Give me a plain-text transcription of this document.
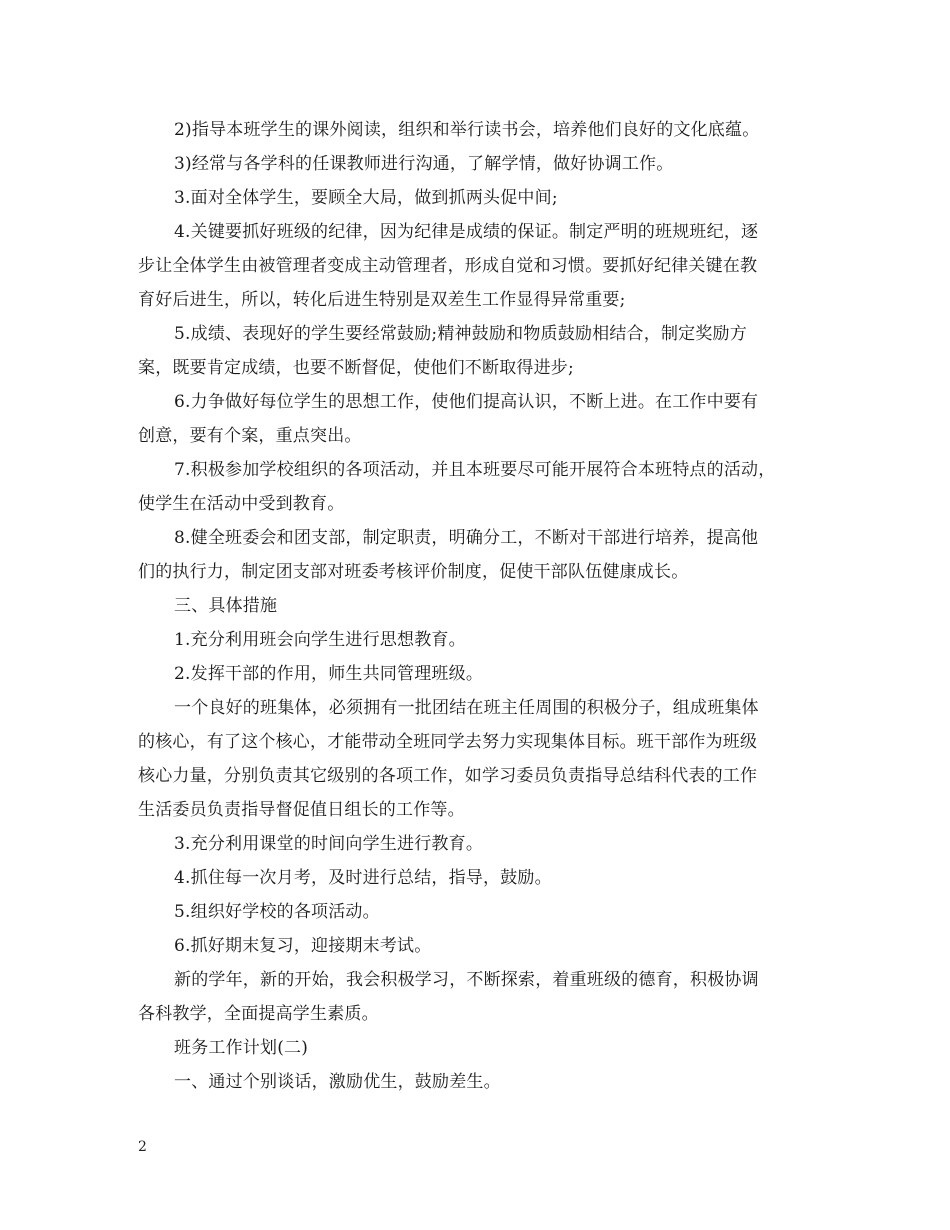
2)指导本班学生的课外阅读，组织和举行读书会，培养他们良好的文化底蕴。

3)经常与各学科的任课教师进行沟通，了解学情，做好协调工作。

3.面对全体学生，要顾全大局，做到抓两头促中间;

4.关键要抓好班级的纪律，因为纪律是成绩的保证。制定严明的班规班纪，逐

步让全体学生由被管理者变成主动管理者，形成自觉和习惯。要抓好纪律关键在教

育好后进生，所以，转化后进生特别是双差生工作显得异常重要;

5.成绩、表现好的学生要经常鼓励;精神鼓励和物质鼓励相结合，制定奖励方

案，既要肯定成绩，也要不断督促，使他们不断取得进步;

6.力争做好每位学生的思想工作，使他们提高认识，不断上进。在工作中要有

创意，要有个案，重点突出。

7.积极参加学校组织的各项活动，并且本班要尽可能开展符合本班特点的活动，

使学生在活动中受到教育。

8.健全班委会和团支部，制定职责，明确分工，不断对干部进行培养，提高他

们的执行力，制定团支部对班委考核评价制度，促使干部队伍健康成长。

三、具体措施

1.充分利用班会向学生进行思想教育。

2.发挥干部的作用，师生共同管理班级。

一个良好的班集体，必须拥有一批团结在班主任周围的积极分子，组成班集体

的核心，有了这个核心，才能带动全班同学去努力实现集体目标。班干部作为班级

核心力量，分别负责其它级别的各项工作，如学习委员负责指导总结科代表的工作

生活委员负责指导督促值日组长的工作等。

3.充分利用课堂的时间向学生进行教育。

4.抓住每一次月考，及时进行总结，指导，鼓励。

5.组织好学校的各项活动。

6.抓好期末复习，迎接期末考试。

新的学年，新的开始，我会积极学习，不断探索，着重班级的德育，积极协调

各科教学，全面提高学生素质。

班务工作计划(二)

一、通过个别谈话，激励优生，鼓励差生。

2
